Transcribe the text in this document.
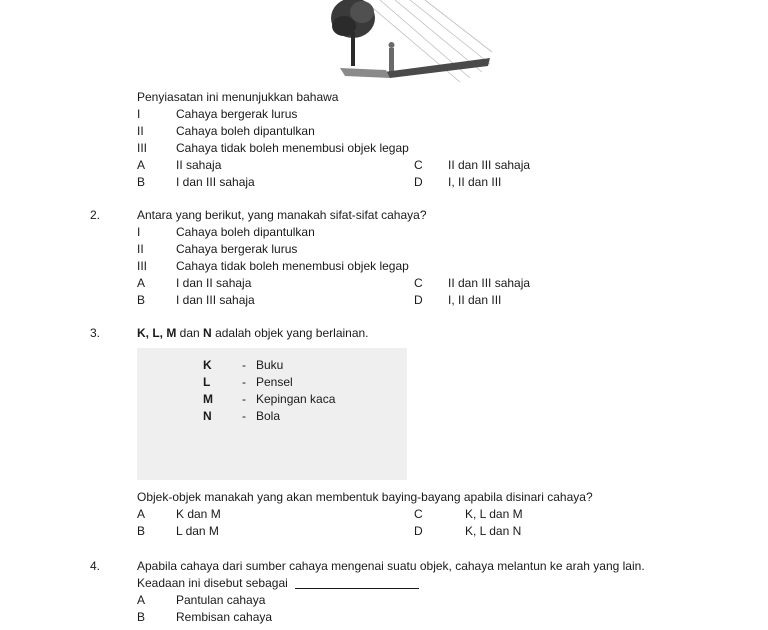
Penyiasatan ini menunjukkan bahawa
I	Cahaya bergerak lurus
II	Cahaya boleh dipantulkan
III Cahaya tidak boleh menembusi objek legap
A	II sahaja
B	I dan III sahaja
C II dan III sahaja
D I, II dan III
2.	Antara yang berikut, yang manakah sifat-sifat cahaya?
I	Cahaya boleh dipantulkan
II	Cahaya bergerak lurus
III Cahaya tidak boleh menembusi objek legap
A	I dan II sahaja
B	I dan III sahaja
C II dan III sahaja
D I, II dan III
3.	K, L, M dan N adalah objek yang berlainan.
K	- Buku
L	- Pensel
M - Kepingan kaca
N	- Bola
Objek-objek manakah yang akan membentuk baying-bayang apabila disinari cahaya?
A	K dan M
B	L dan M
C	K, L dan M
D	K, L dan N
4.	Apabila cahaya dari sumber cahaya mengenai suatu objek, cahaya melantun ke arah yang lain.
Keadaan ini disebut sebagai
A	Pantulan cahaya
B	Rembisan cahaya
